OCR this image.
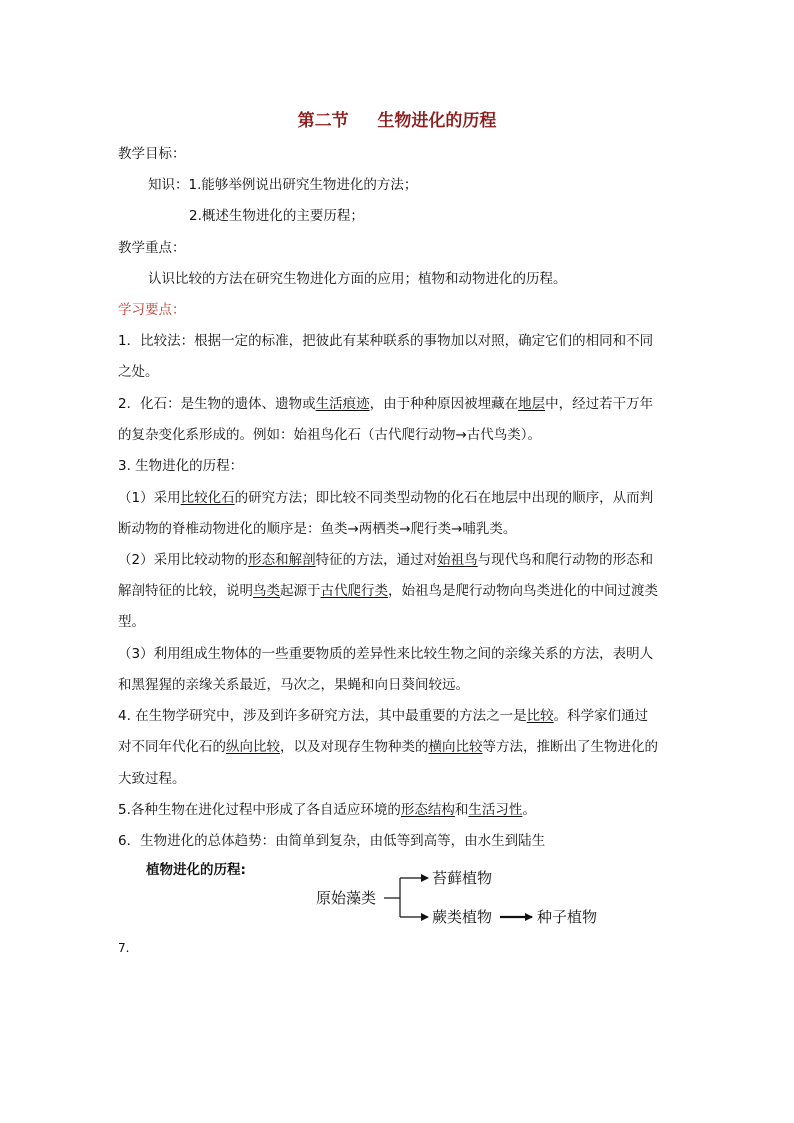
第二节　  生物进化的历程
教学目标：
知识：1.能够举例说出研究生物进化的方法；
2.概述生物进化的主要历程；
教学重点：
认识比较的方法在研究生物进化方面的应用；植物和动物进化的历程。
学习要点：
1．比较法：根据一定的标准，把彼此有某种联系的事物加以对照，确定它们的相同和不同
之处。
2．化石：是生物的遗体、遗物或生活痕迹，由于种种原因被埋藏在地层中，经过若干万年
的复杂变化系形成的。例如：始祖鸟化石（古代爬行动物→古代鸟类）。
3. 生物进化的历程：
（1）采用比较化石的研究方法；即比较不同类型动物的化石在地层中出现的顺序，从而判
断动物的脊椎动物进化的顺序是：鱼类→两栖类→爬行类→哺乳类。
（2）采用比较动物的形态和解剖特征的方法，通过对始祖鸟与现代鸟和爬行动物的形态和
解剖特征的比较，说明鸟类起源于古代爬行类，始祖鸟是爬行动物向鸟类进化的中间过渡类
型。
（3）利用组成生物体的一些重要物质的差异性来比较生物之间的亲缘关系的方法，表明人
和黑猩猩的亲缘关系最近，马次之，果蝇和向日葵间较远。
4. 在生物学研究中，涉及到许多研究方法，其中最重要的方法之一是比较。科学家们通过
对不同年代化石的纵向比较，以及对现存生物种类的横向比较等方法，推断出了生物进化的
大致过程。
5.各种生物在进化过程中形成了各自适应环境的形态结构和生活习性。
6．生物进化的总体趋势：由简单到复杂，由低等到高等，由水生到陆生
植物进化的历程:
原始藻类
苔藓植物
蕨类植物	种子植物
7.
